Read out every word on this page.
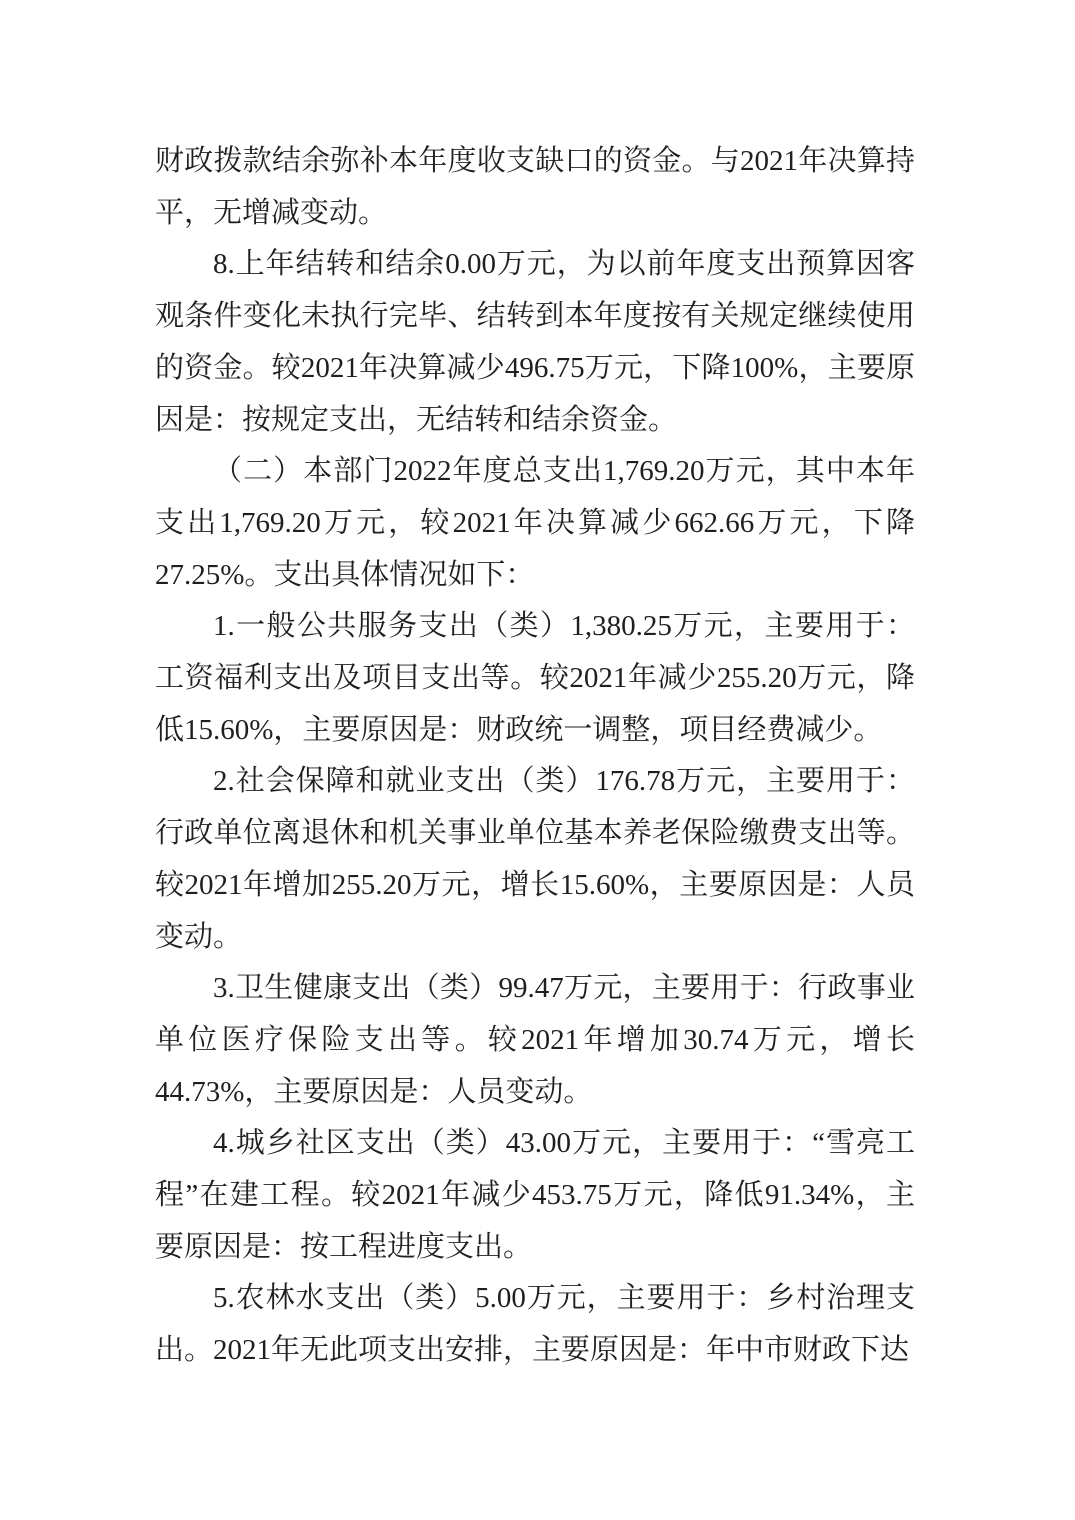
财政拨款结余弥补本年度收支缺口的资金。与2021年决算持平，无增减变动。

8.上年结转和结余0.00万元，为以前年度支出预算因客观条件变化未执行完毕、结转到本年度按有关规定继续使用的资金。较2021年决算减少496.75万元，下降100%，主要原因是：按规定支出，无结转和结余资金。

（二）本部门2022年度总支出1,769.20万元，其中本年支出1,769.20万元，较2021年决算减少662.66万元，下降27.25%。支出具体情况如下：

1.一般公共服务支出（类）1,380.25万元，主要用于：工资福利支出及项目支出等。较2021年减少255.20万元，降低15.60%，主要原因是：财政统一调整，项目经费减少。

2.社会保障和就业支出（类）176.78万元，主要用于：行政单位离退休和机关事业单位基本养老保险缴费支出等。较2021年增加255.20万元，增长15.60%，主要原因是：人员变动。

3.卫生健康支出（类）99.47万元，主要用于：行政事业单位医疗保险支出等。较2021年增加30.74万元，增长44.73%，主要原因是：人员变动。

4.城乡社区支出（类）43.00万元，主要用于：“雪亮工程”在建工程。较2021年减少453.75万元，降低91.34%，主要原因是：按工程进度支出。

5.农林水支出（类）5.00万元，主要用于：乡村治理支出。2021年无此项支出安排，主要原因是：年中市财政下达
